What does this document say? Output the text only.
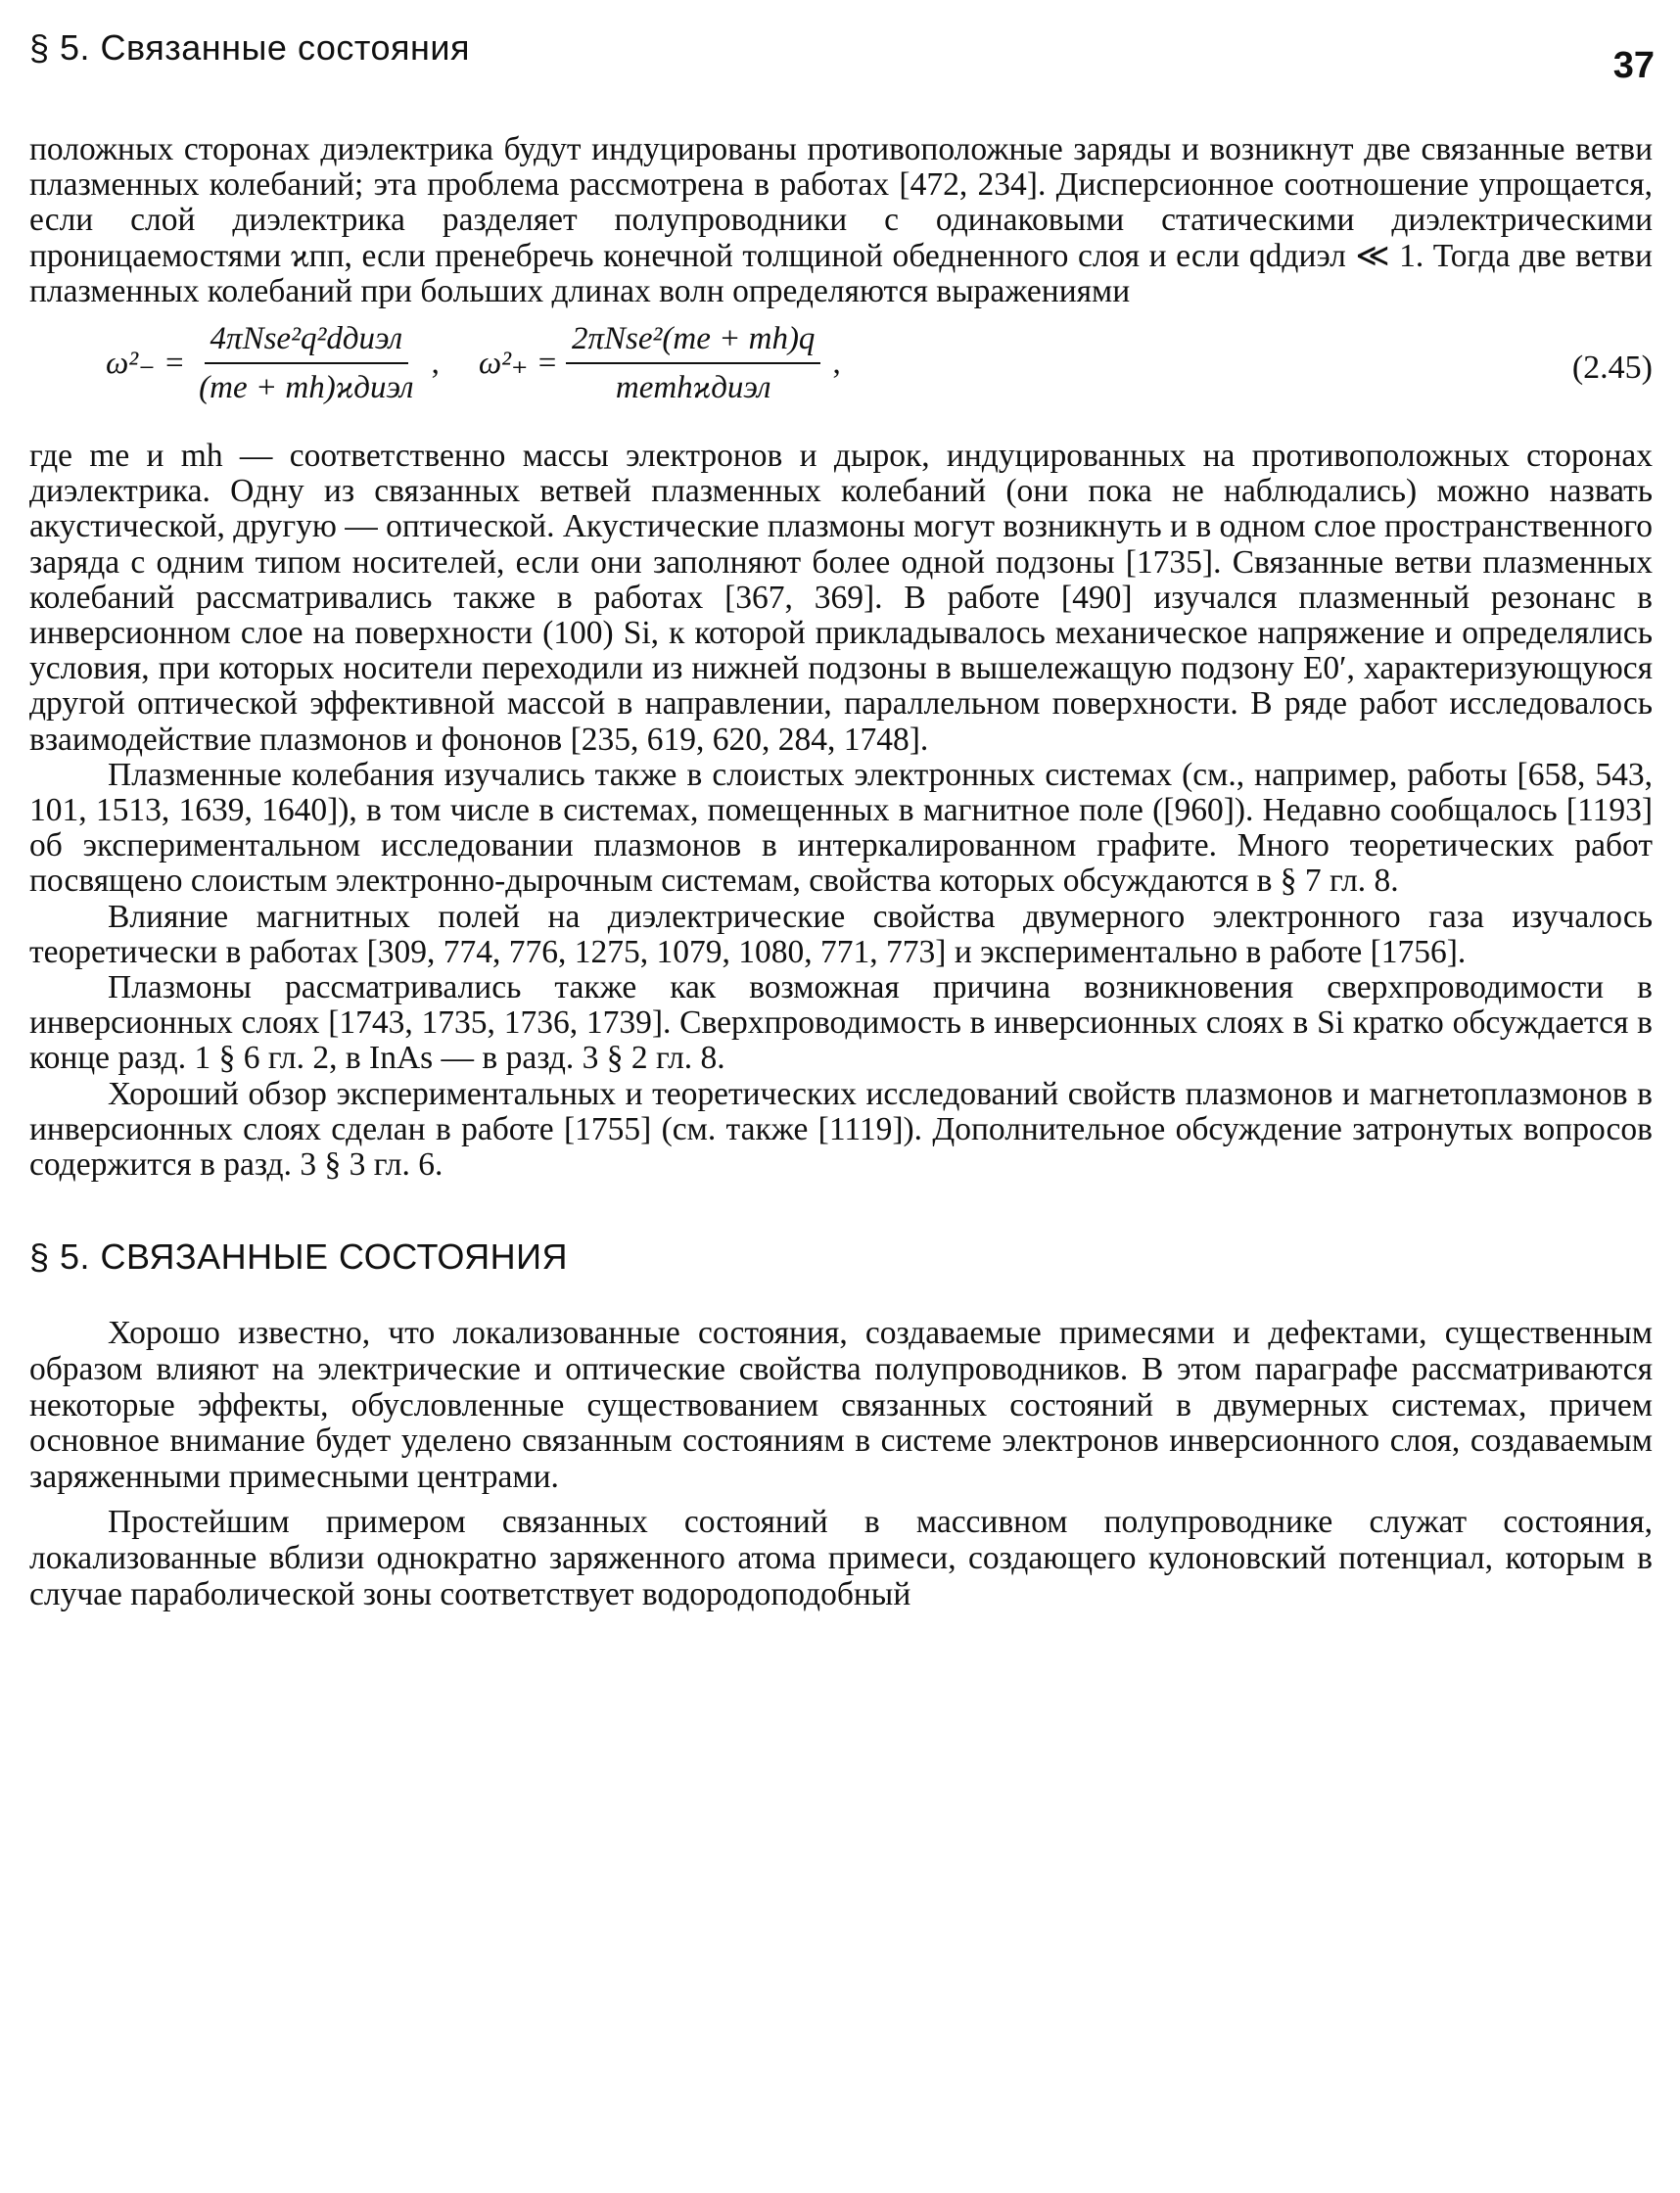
§ 5. Связанные состояния	37

положных сторонах диэлектрика будут индуцированы противоположные заряды и возникнут две связанные ветви плазменных колебаний; эта проблема рассмотрена в работах [472, 234]. Дисперсионное соотношение упрощается, если слой диэлектрика разделяет полупроводники с одинаковыми статическими диэлектрическими проницаемостями ϰпп, если пренебречь конечной толщиной обедненного слоя и если qdдиэл ≪ 1. Тогда две ветви плазменных колебаний при больших длинах волн определяются выражениями

$\omega^2_- = \frac{\text{4πNse²q²dдиэл}}{\text{(me + mh)ϰдиэл}}$ , $\omega^2_+ = \frac{\text{2πNse²(me + mh)q}}{\text{memhϰдиэл}}$ ,	(2.45)

где me и mh — соответственно массы электронов и дырок, индуцированных на противоположных сторонах диэлектрика. Одну из связанных ветвей плазменных колебаний (они пока не наблюдались) можно назвать акустической, другую — оптической. Акустические плазмоны могут возникнуть и в одном слое пространственного заряда с одним типом носителей, если они заполняют более одной подзоны [1735]. Связанные ветви плазменных колебаний рассматривались также в работах [367, 369]. В работе [490] изучался плазменный резонанс в инверсионном слое на поверхности (100) Si, к которой прикладывалось механическое напряжение и определялись условия, при которых носители переходили из нижней подзоны в вышележащую подзону E0′, характеризующуюся другой оптической эффективной массой в направлении, параллельном поверхности. В ряде работ исследовалось взаимодействие плазмонов и фононов [235, 619, 620, 284, 1748].

Плазменные колебания изучались также в слоистых электронных системах (см., например, работы [658, 543, 101, 1513, 1639, 1640]), в том числе в системах, помещенных в магнитное поле ([960]). Недавно сообщалось [1193] об экспериментальном исследовании плазмонов в интеркалированном графите. Много теоретических работ посвящено слоистым электронно-дырочным системам, свойства которых обсуждаются в § 7 гл. 8.

Влияние магнитных полей на диэлектрические свойства двумерного электронного газа изучалось теоретически в работах [309, 774, 776, 1275, 1079, 1080, 771, 773] и экспериментально в работе [1756].

Плазмоны рассматривались также как возможная причина возникновения сверхпроводимости в инверсионных слоях [1743, 1735, 1736, 1739]. Сверхпроводимость в инверсионных слоях в Si кратко обсуждается в конце разд. 1 § 6 гл. 2, в InAs — в разд. 3 § 2 гл. 8.

Хороший обзор экспериментальных и теоретических исследований свойств плазмонов и магнетоплазмонов в инверсионных слоях сделан в работе [1755] (см. также [1119]). Дополнительное обсуждение затронутых вопросов содержится в разд. 3 § 3 гл. 6.

§ 5. СВЯЗАННЫЕ СОСТОЯНИЯ

Хорошо известно, что локализованные состояния, создаваемые примесями и дефектами, существенным образом влияют на электрические и оптические свойства полупроводников. В этом параграфе рассматриваются некоторые эффекты, обусловленные существованием связанных состояний в двумерных системах, причем основное внимание будет уделено связанным состояниям в системе электронов инверсионного слоя, создаваемым заряженными примесными центрами.

Простейшим примером связанных состояний в массивном полупроводнике служат состояния, локализованные вблизи однократно заряженного атома примеси, создающего кулоновский потенциал, которым в случае параболической зоны соответствует водородоподобный
